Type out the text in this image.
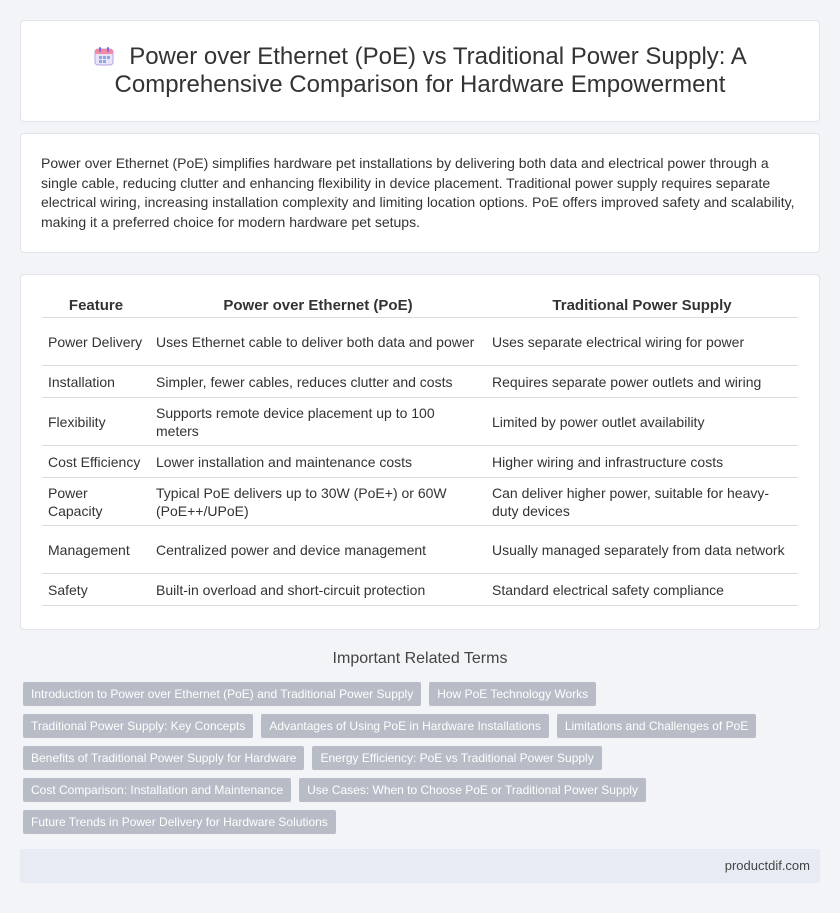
Power over Ethernet (PoE) vs Traditional Power Supply: A Comprehensive Comparison for Hardware Empowerment

Power over Ethernet (PoE) simplifies hardware pet installations by delivering both data and electrical power through a single cable, reducing clutter and enhancing flexibility in device placement. Traditional power supply requires separate electrical wiring, increasing installation complexity and limiting location options. PoE offers improved safety and scalability, making it a preferred choice for modern hardware pet setups.

Feature	Power over Ethernet (PoE)	Traditional Power Supply
Power Delivery	Uses Ethernet cable to deliver both data and power	Uses separate electrical wiring for power
Installation	Simpler, fewer cables, reduces clutter and costs	Requires separate power outlets and wiring
Flexibility	Supports remote device placement up to 100 meters	Limited by power outlet availability
Cost Efficiency	Lower installation and maintenance costs	Higher wiring and infrastructure costs
Power Capacity	Typical PoE delivers up to 30W (PoE+) or 60W (PoE++/UPoE)	Can deliver higher power, suitable for heavy-duty devices
Management	Centralized power and device management	Usually managed separately from data network
Safety	Built-in overload and short-circuit protection	Standard electrical safety compliance
Important Related Terms
Introduction to Power over Ethernet (PoE) and Traditional Power Supply	How PoE Technology Works
Traditional Power Supply: Key Concepts	Advantages of Using PoE in Hardware Installations	Limitations and Challenges of PoE
Benefits of Traditional Power Supply for Hardware	Energy Efficiency: PoE vs Traditional Power Supply
Cost Comparison: Installation and Maintenance	Use Cases: When to Choose PoE or Traditional Power Supply
Future Trends in Power Delivery for Hardware Solutions
productdif.com
